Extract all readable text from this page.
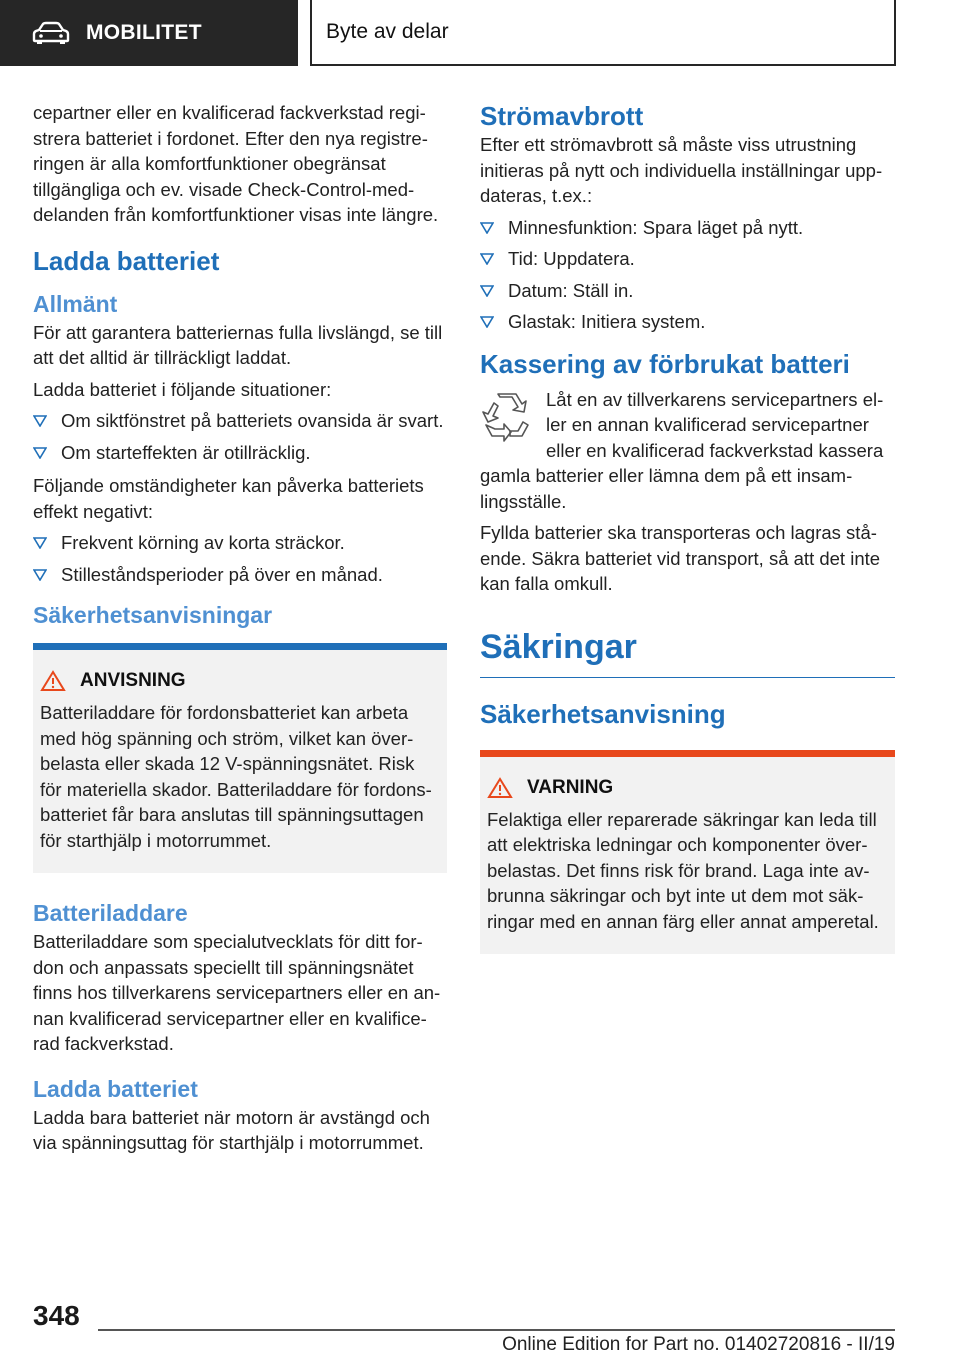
MOBILITET	Byte av delar
cepartner eller en kvalificerad fackverkstad registrera batteriet i fordonet. Efter den nya registreringen är alla komfortfunktioner obegränsat tillgängliga och ev. visade Check-Control-meddelanden från komfortfunktioner visas inte längre.
Ladda batteriet
Allmänt
För att garantera batteriernas fulla livslängd, se till att det alltid är tillräckligt laddat.
Ladda batteriet i följande situationer:
Om siktfönstret på batteriets ovansida är svart.
Om starteffekten är otillräcklig.
Följande omständigheter kan påverka batteriets effekt negativt:
Frekvent körning av korta sträckor.
Stilleståndsperioder på över en månad.
Säkerhetsanvisningar
ANVISNING
Batteriladdare för fordonsbatteriet kan arbeta med hög spänning och ström, vilket kan överbelasta eller skada 12 V-spänningsnätet. Risk för materiella skador. Batteriladdare för fordonsbatteriet får bara anslutas till spänningsuttagen för starthjälp i motorrummet.
Batteriladdare
Batteriladdare som specialutvecklats för ditt fordon och anpassats speciellt till spänningsnätet finns hos tillverkarens servicepartners eller en annan kvalificerad servicepartner eller en kvalificerad fackverkstad.
Ladda batteriet
Ladda bara batteriet när motorn är avstängd och via spänningsuttag för starthjälp i motorrummet.
Strömavbrott
Efter ett strömavbrott så måste viss utrustning initieras på nytt och individuella inställningar uppdateras, t.ex.:
Minnesfunktion: Spara läget på nytt.
Tid: Uppdatera.
Datum: Ställ in.
Glastak: Initiera system.
Kassering av förbrukat batteri
Låt en av tillverkarens servicepartners eller en annan kvalificerad servicepartner eller en kvalificerad fackverkstad kassera
gamla batterier eller lämna dem på ett insamlingsställe.
Fyllda batterier ska transporteras och lagras stående. Säkra batteriet vid transport, så att det inte kan falla omkull.
Säkringar
Säkerhetsanvisning
VARNING
Felaktiga eller reparerade säkringar kan leda till att elektriska ledningar och komponenter överbelastas. Det finns risk för brand. Laga inte avbrunna säkringar och byt inte ut dem mot säkringar med en annan färg eller annat amperetal.
348
Online Edition for Part no. 01402720816 - II/19
